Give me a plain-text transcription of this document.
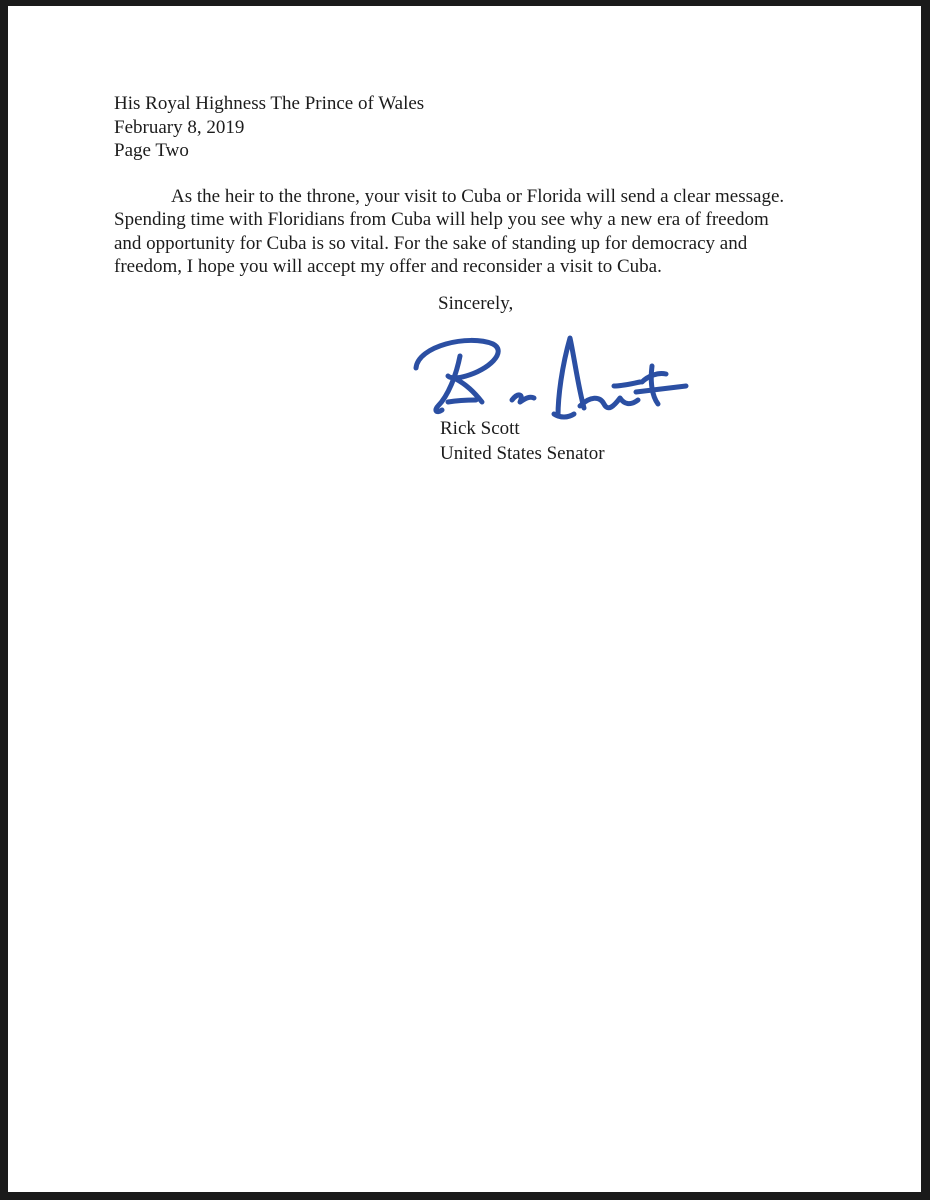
His Royal Highness The Prince of Wales
February 8, 2019
Page Two
As the heir to the throne, your visit to Cuba or Florida will send a clear message.
Spending time with Floridians from Cuba will help you see why a new era of freedom
and opportunity for Cuba is so vital. For the sake of standing up for democracy and
freedom, I hope you will accept my offer and reconsider a visit to Cuba.
Sincerely,
Rick Scott
United States Senator
